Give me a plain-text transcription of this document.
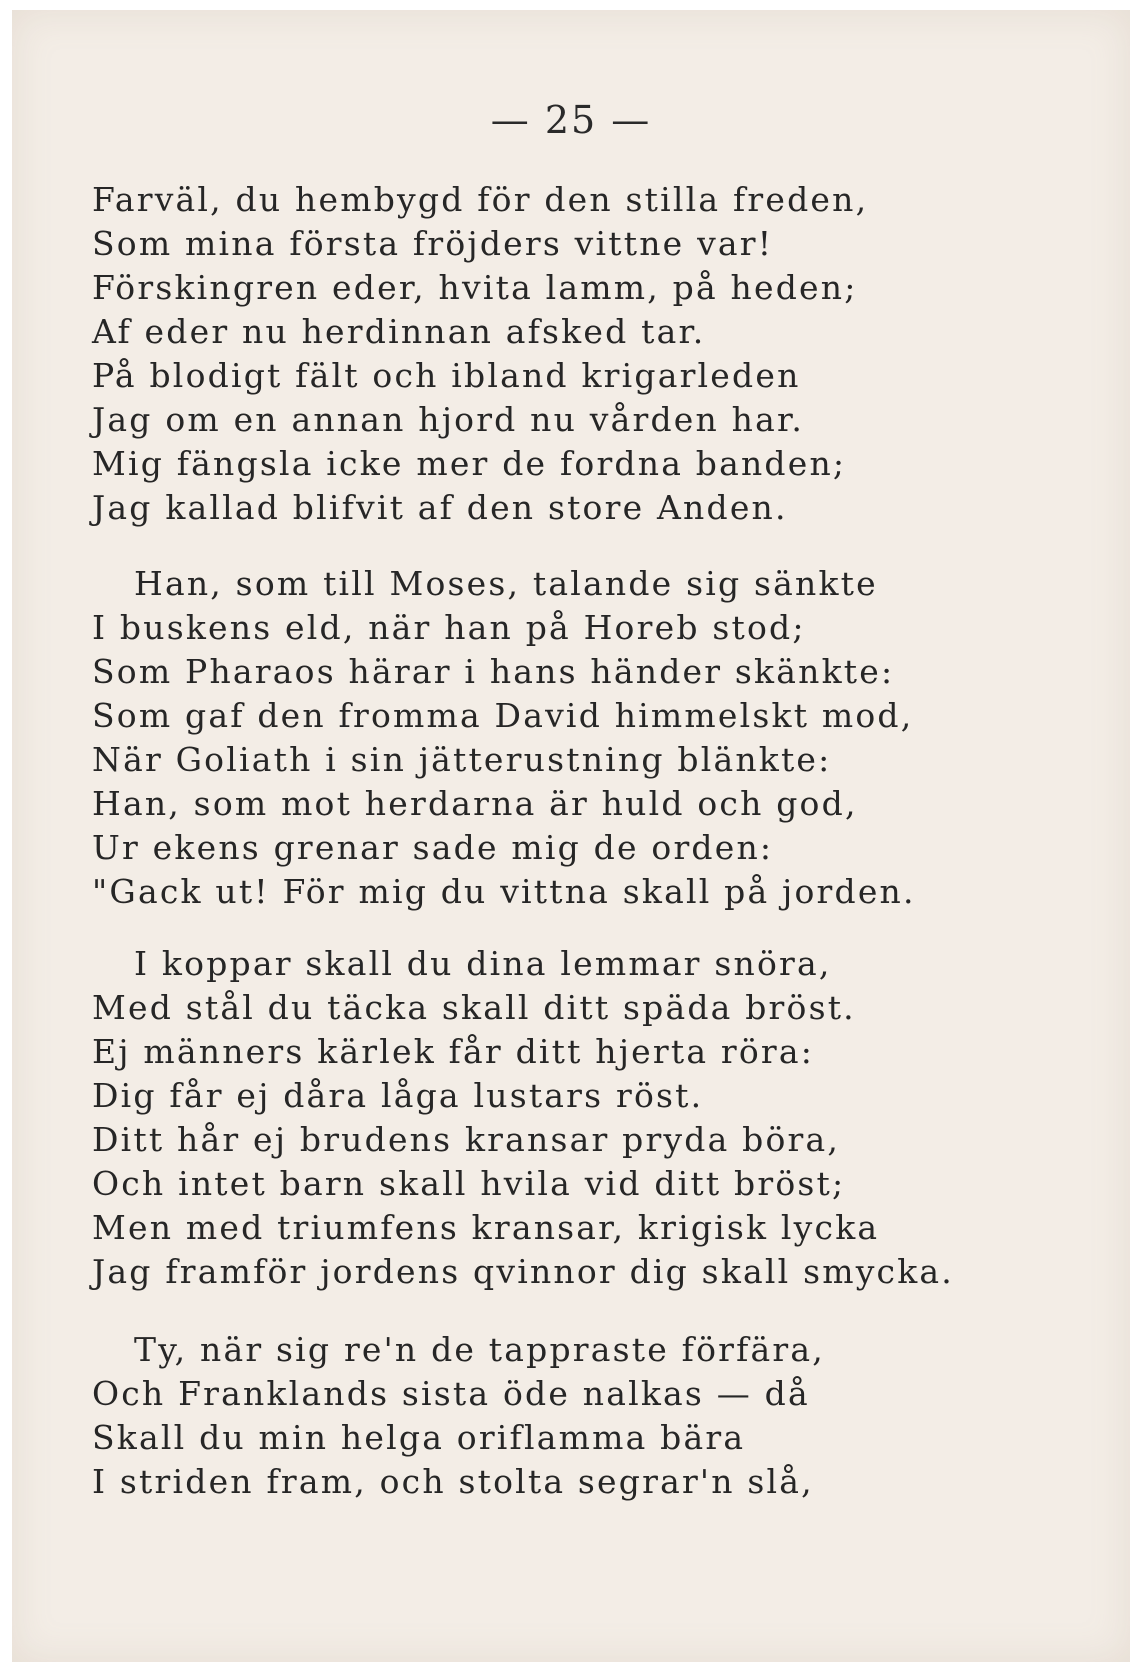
— 25 —
Farväl, du hembygd för den stilla freden,
Som mina första fröjders vittne var!
Förskingren eder, hvita lamm, på heden;
Af eder nu herdinnan afsked tar.
På blodigt fält och ibland krigarleden
Jag om en annan hjord nu vården har.
Mig fängsla icke mer de fordna banden;
Jag kallad blifvit af den store Anden.
Han, som till Moses, talande sig sänkte
I buskens eld, när han på Horeb stod;
Som Pharaos härar i hans händer skänkte:
Som gaf den fromma David himmelskt mod,
När Goliath i sin jätterustning blänkte:
Han, som mot herdarna är huld och god,
Ur ekens grenar sade mig de orden:
"Gack ut! För mig du vittna skall på jorden.
I koppar skall du dina lemmar snöra,
Med stål du täcka skall ditt späda bröst.
Ej männers kärlek får ditt hjerta röra:
Dig får ej dåra låga lustars röst.
Ditt hår ej brudens kransar pryda böra,
Och intet barn skall hvila vid ditt bröst;
Men med triumfens kransar, krigisk lycka
Jag framför jordens qvinnor dig skall smycka.
Ty, när sig re'n de tappraste förfära,
Och Franklands sista öde nalkas — då
Skall du min helga oriflamma bära
I striden fram, och stolta segrar'n slå,
